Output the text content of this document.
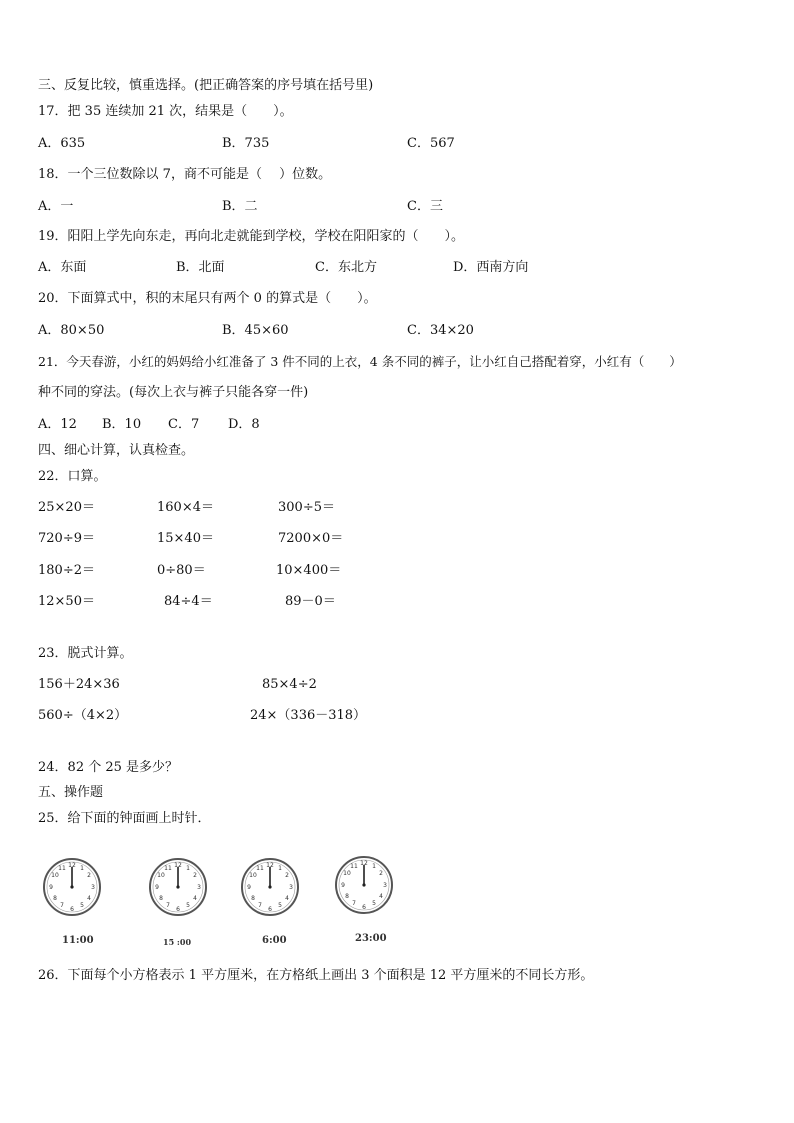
三、反复比较，慎重选择。(把正确答案的序号填在括号里)
17．把 35 连续加 21 次，结果是（　　）。
A．635	B．735	C．567
18．一个三位数除以 7，商不可能是（　 ）位数。
A．一	B．二	C．三
19．阳阳上学先向东走，再向北走就能到学校，学校在阳阳家的（　　）。
A．东面	B．北面	C．东北方	D．西南方向
20．下面算式中，积的末尾只有两个 0 的算式是（　　）。
A．80×50	B．45×60	C．34×20
21．今天春游，小红的妈妈给小红准备了 3 件不同的上衣，4 条不同的裤子，让小红自己搭配着穿，小红有（　　）
种不同的穿法。(每次上衣与裤子只能各穿一件)
A．12 B．10 C．7 D．8
四、细心计算，认真检查。
22．口算。
25×20＝	160×4＝	300÷5＝
720÷9＝	15×40＝	7200×0＝
180÷2＝	0÷80＝	10×400＝
12×50＝	84÷4＝	89－0＝
23．脱式计算。
156＋24×36	85×4÷2
560÷（4×2）	24×（336－318）
24．82 个 25 是多少？
五、操作题
25．给下面的钟面画上时针．
12 1
2
3
4
5
6
7
8
9
10
11
11:00
12 1
2
3
4
5
6
7
8
9
10
11
15 :00
12 1
2
3
4
5
6
7
8
9
10
11
6:00
12 1
2
3
4
5
6
7
8
9
10
11
23:00
26．下面每个小方格表示 1 平方厘米，在方格纸上画出 3 个面积是 12 平方厘米的不同长方形。
